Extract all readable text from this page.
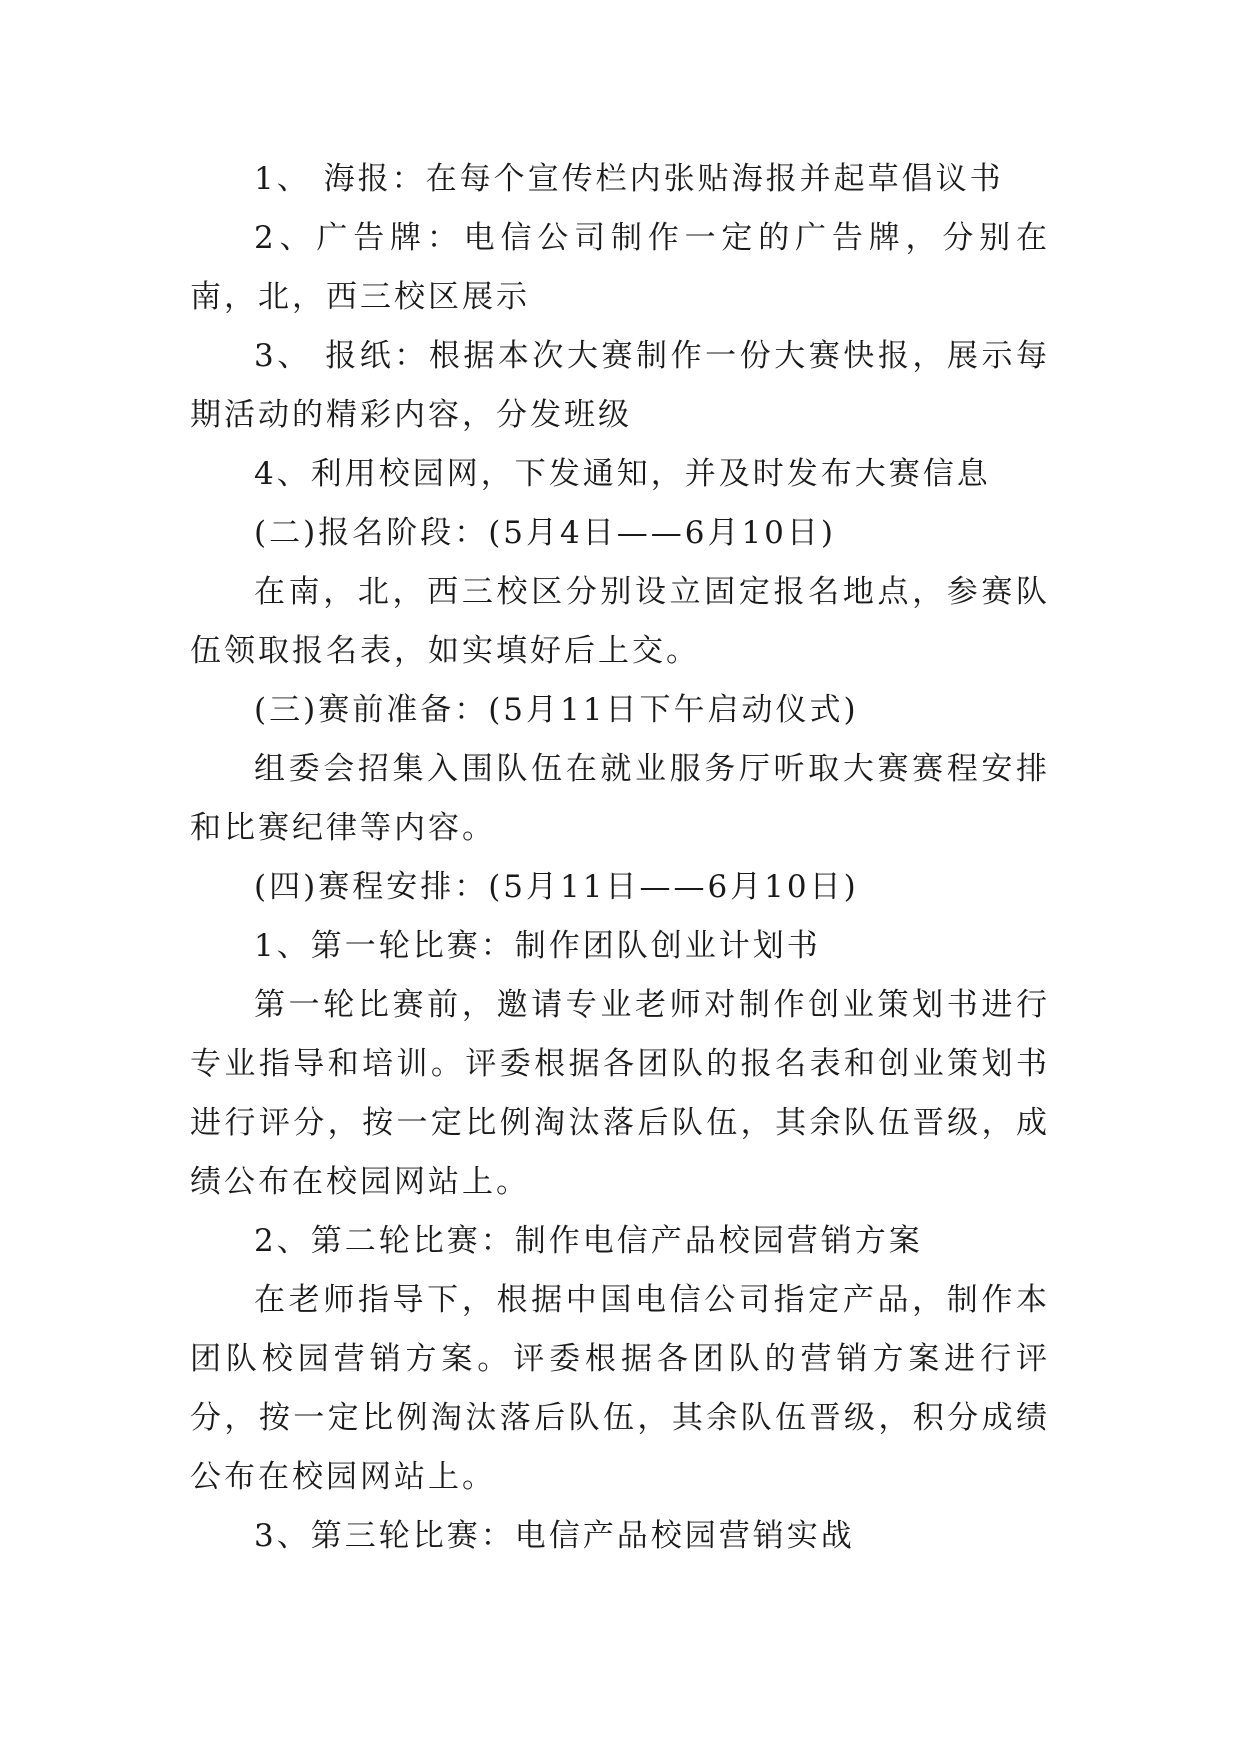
1、 海报：在每个宣传栏内张贴海报并起草倡议书

2、广告牌：电信公司制作一定的广告牌，分别在南，北，西三校区展示

3、 报纸：根据本次大赛制作一份大赛快报，展示每期活动的精彩内容，分发班级

4、利用校园网，下发通知，并及时发布大赛信息

(二)报名阶段：(5月4日——6月10日)

在南，北，西三校区分别设立固定报名地点，参赛队伍领取报名表，如实填好后上交。

(三)赛前准备：(5月11日下午启动仪式)

组委会招集入围队伍在就业服务厅听取大赛赛程安排和比赛纪律等内容。

(四)赛程安排：(5月11日——6月10日)

1、第一轮比赛：制作团队创业计划书

第一轮比赛前，邀请专业老师对制作创业策划书进行专业指导和培训。评委根据各团队的报名表和创业策划书进行评分，按一定比例淘汰落后队伍，其余队伍晋级，成绩公布在校园网站上。

2、第二轮比赛：制作电信产品校园营销方案

在老师指导下，根据中国电信公司指定产品，制作本团队校园营销方案。评委根据各团队的营销方案进行评分，按一定比例淘汰落后队伍，其余队伍晋级，积分成绩公布在校园网站上。

3、第三轮比赛：电信产品校园营销实战
